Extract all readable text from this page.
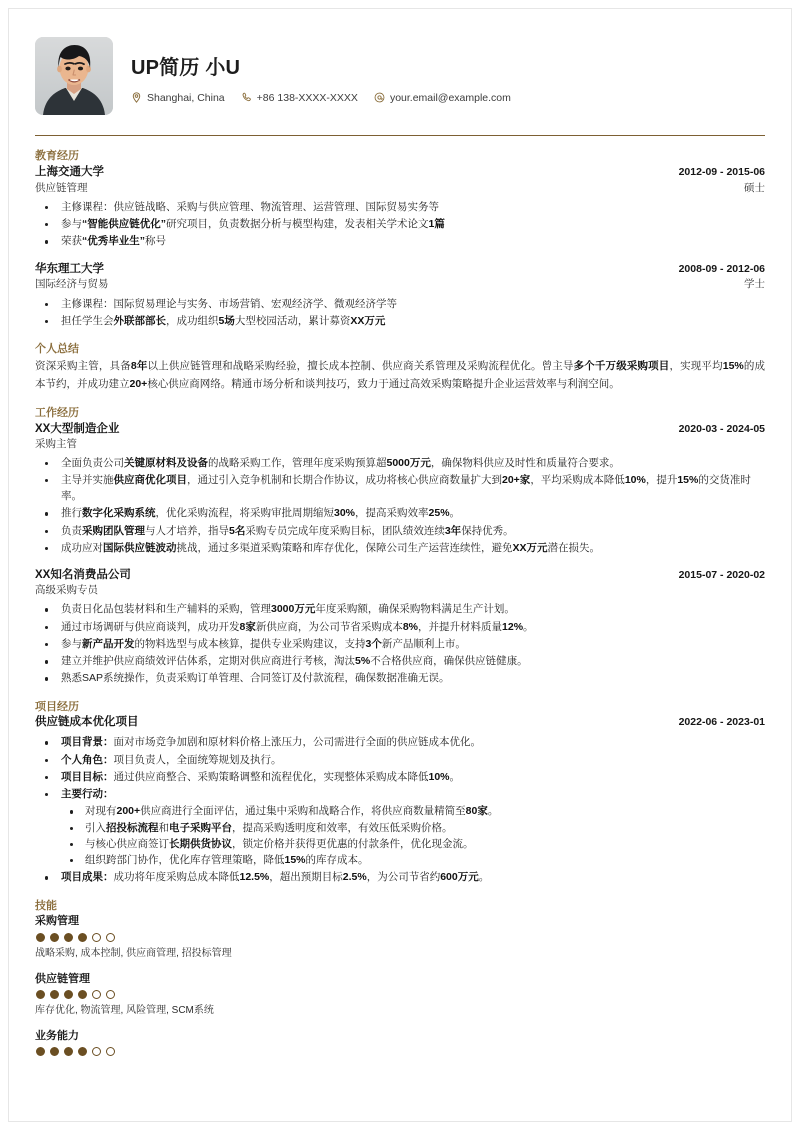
UP简历 小U
Shanghai, China	+86 138-XXXX-XXXX	your.email@example.com
教育经历
上海交通大学	2012-09 - 2015-06
供应链管理	硕士
主修课程：供应链战略、采购与供应管理、物流管理、运营管理、国际贸易实务等
参与“智能供应链优化”研究项目，负责数据分析与模型构建，发表相关学术论文1篇
荣获“优秀毕业生”称号
华东理工大学	2008-09 - 2012-06
国际经济与贸易	学士
主修课程：国际贸易理论与实务、市场营销、宏观经济学、微观经济学等
担任学生会外联部部长，成功组织5场大型校园活动，累计募资XX万元
个人总结
资深采购主管，具备8年以上供应链管理和战略采购经验，擅长成本控制、供应商关系管理及采购流程优化。曾主导多个千万级采购项目，实现平均15%的成本节约，并成功建立20+核心供应商网络。精通市场分析和谈判技巧，致力于通过高效采购策略提升企业运营效率与利润空间。
工作经历
XX大型制造企业	2020-03 - 2024-05
采购主管
全面负责公司关键原材料及设备的战略采购工作，管理年度采购预算超5000万元，确保物料供应及时性和质量符合要求。
主导并实施供应商优化项目，通过引入竞争机制和长期合作协议，成功将核心供应商数量扩大到20+家，平均采购成本降低10%，提升15%的交货准时率。
推行数字化采购系统，优化采购流程，将采购审批周期缩短30%，提高采购效率25%。
负责采购团队管理与人才培养，指导5名采购专员完成年度采购目标，团队绩效连续3年保持优秀。
成功应对国际供应链波动挑战，通过多渠道采购策略和库存优化，保障公司生产运营连续性，避免XX万元潜在损失。
XX知名消费品公司	2015-07 - 2020-02
高级采购专员
负责日化品包装材料和生产辅料的采购，管理3000万元年度采购额，确保采购物料满足生产计划。
通过市场调研与供应商谈判，成功开发8家新供应商，为公司节省采购成本8%，并提升材料质量12%。
参与新产品开发的物料选型与成本核算，提供专业采购建议，支持3个新产品顺利上市。
建立并维护供应商绩效评估体系，定期对供应商进行考核，淘汰5%不合格供应商，确保供应链健康。
熟悉SAP系统操作，负责采购订单管理、合同签订及付款流程，确保数据准确无误。
项目经历
供应链成本优化项目	2022-06 - 2023-01
项目背景：面对市场竞争加剧和原材料价格上涨压力，公司需进行全面的供应链成本优化。
个人角色：项目负责人，全面统筹规划及执行。
项目目标：通过供应商整合、采购策略调整和流程优化，实现整体采购成本降低10%。
主要行动：
对现有200+供应商进行全面评估，通过集中采购和战略合作，将供应商数量精简至80家。
引入招投标流程和电子采购平台，提高采购透明度和效率，有效压低采购价格。
与核心供应商签订长期供货协议，锁定价格并获得更优惠的付款条件，优化现金流。
组织跨部门协作，优化库存管理策略，降低15%的库存成本。
项目成果：成功将年度采购总成本降低12.5%，超出预期目标2.5%，为公司节省约600万元。
技能
采购管理
战略采购, 成本控制, 供应商管理, 招投标管理
供应链管理
库存优化, 物流管理, 风险管理, SCM系统
业务能力
